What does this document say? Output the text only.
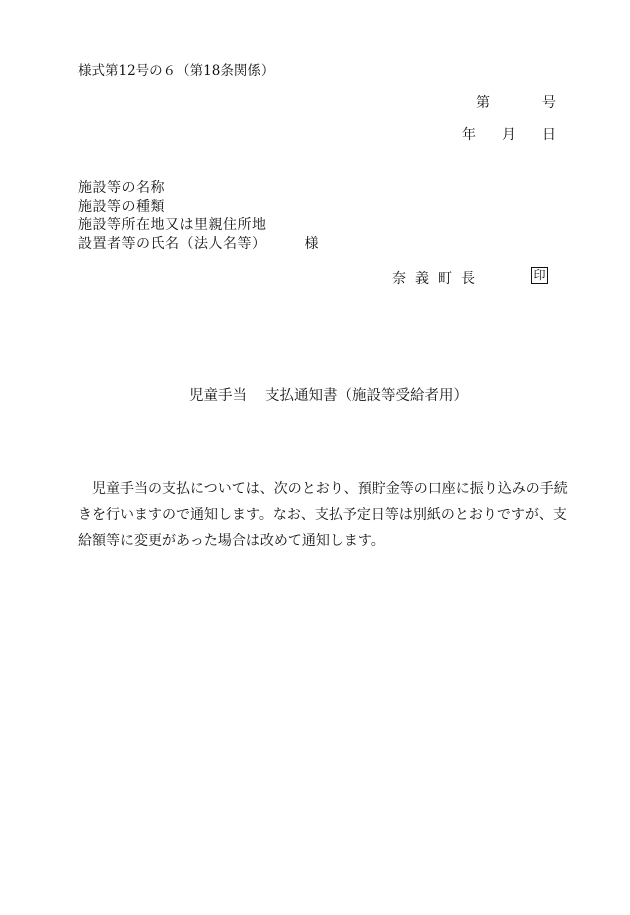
様式第12号の６（第18条関係）
第	号
年 月 日
施設等の名称
施設等の種類
施設等所在地又は里親住所地
設置者等の氏名（法人名等）	様
奈義町長	印
児童手当 支払通知書（施設等受給者用）

児童手当の支払については、次のとおり、預貯金等の口座に振り込みの手続きを行いますので通知します。なお、支払予定日等は別紙のとおりですが、支給額等に変更があった場合は改めて通知します。
